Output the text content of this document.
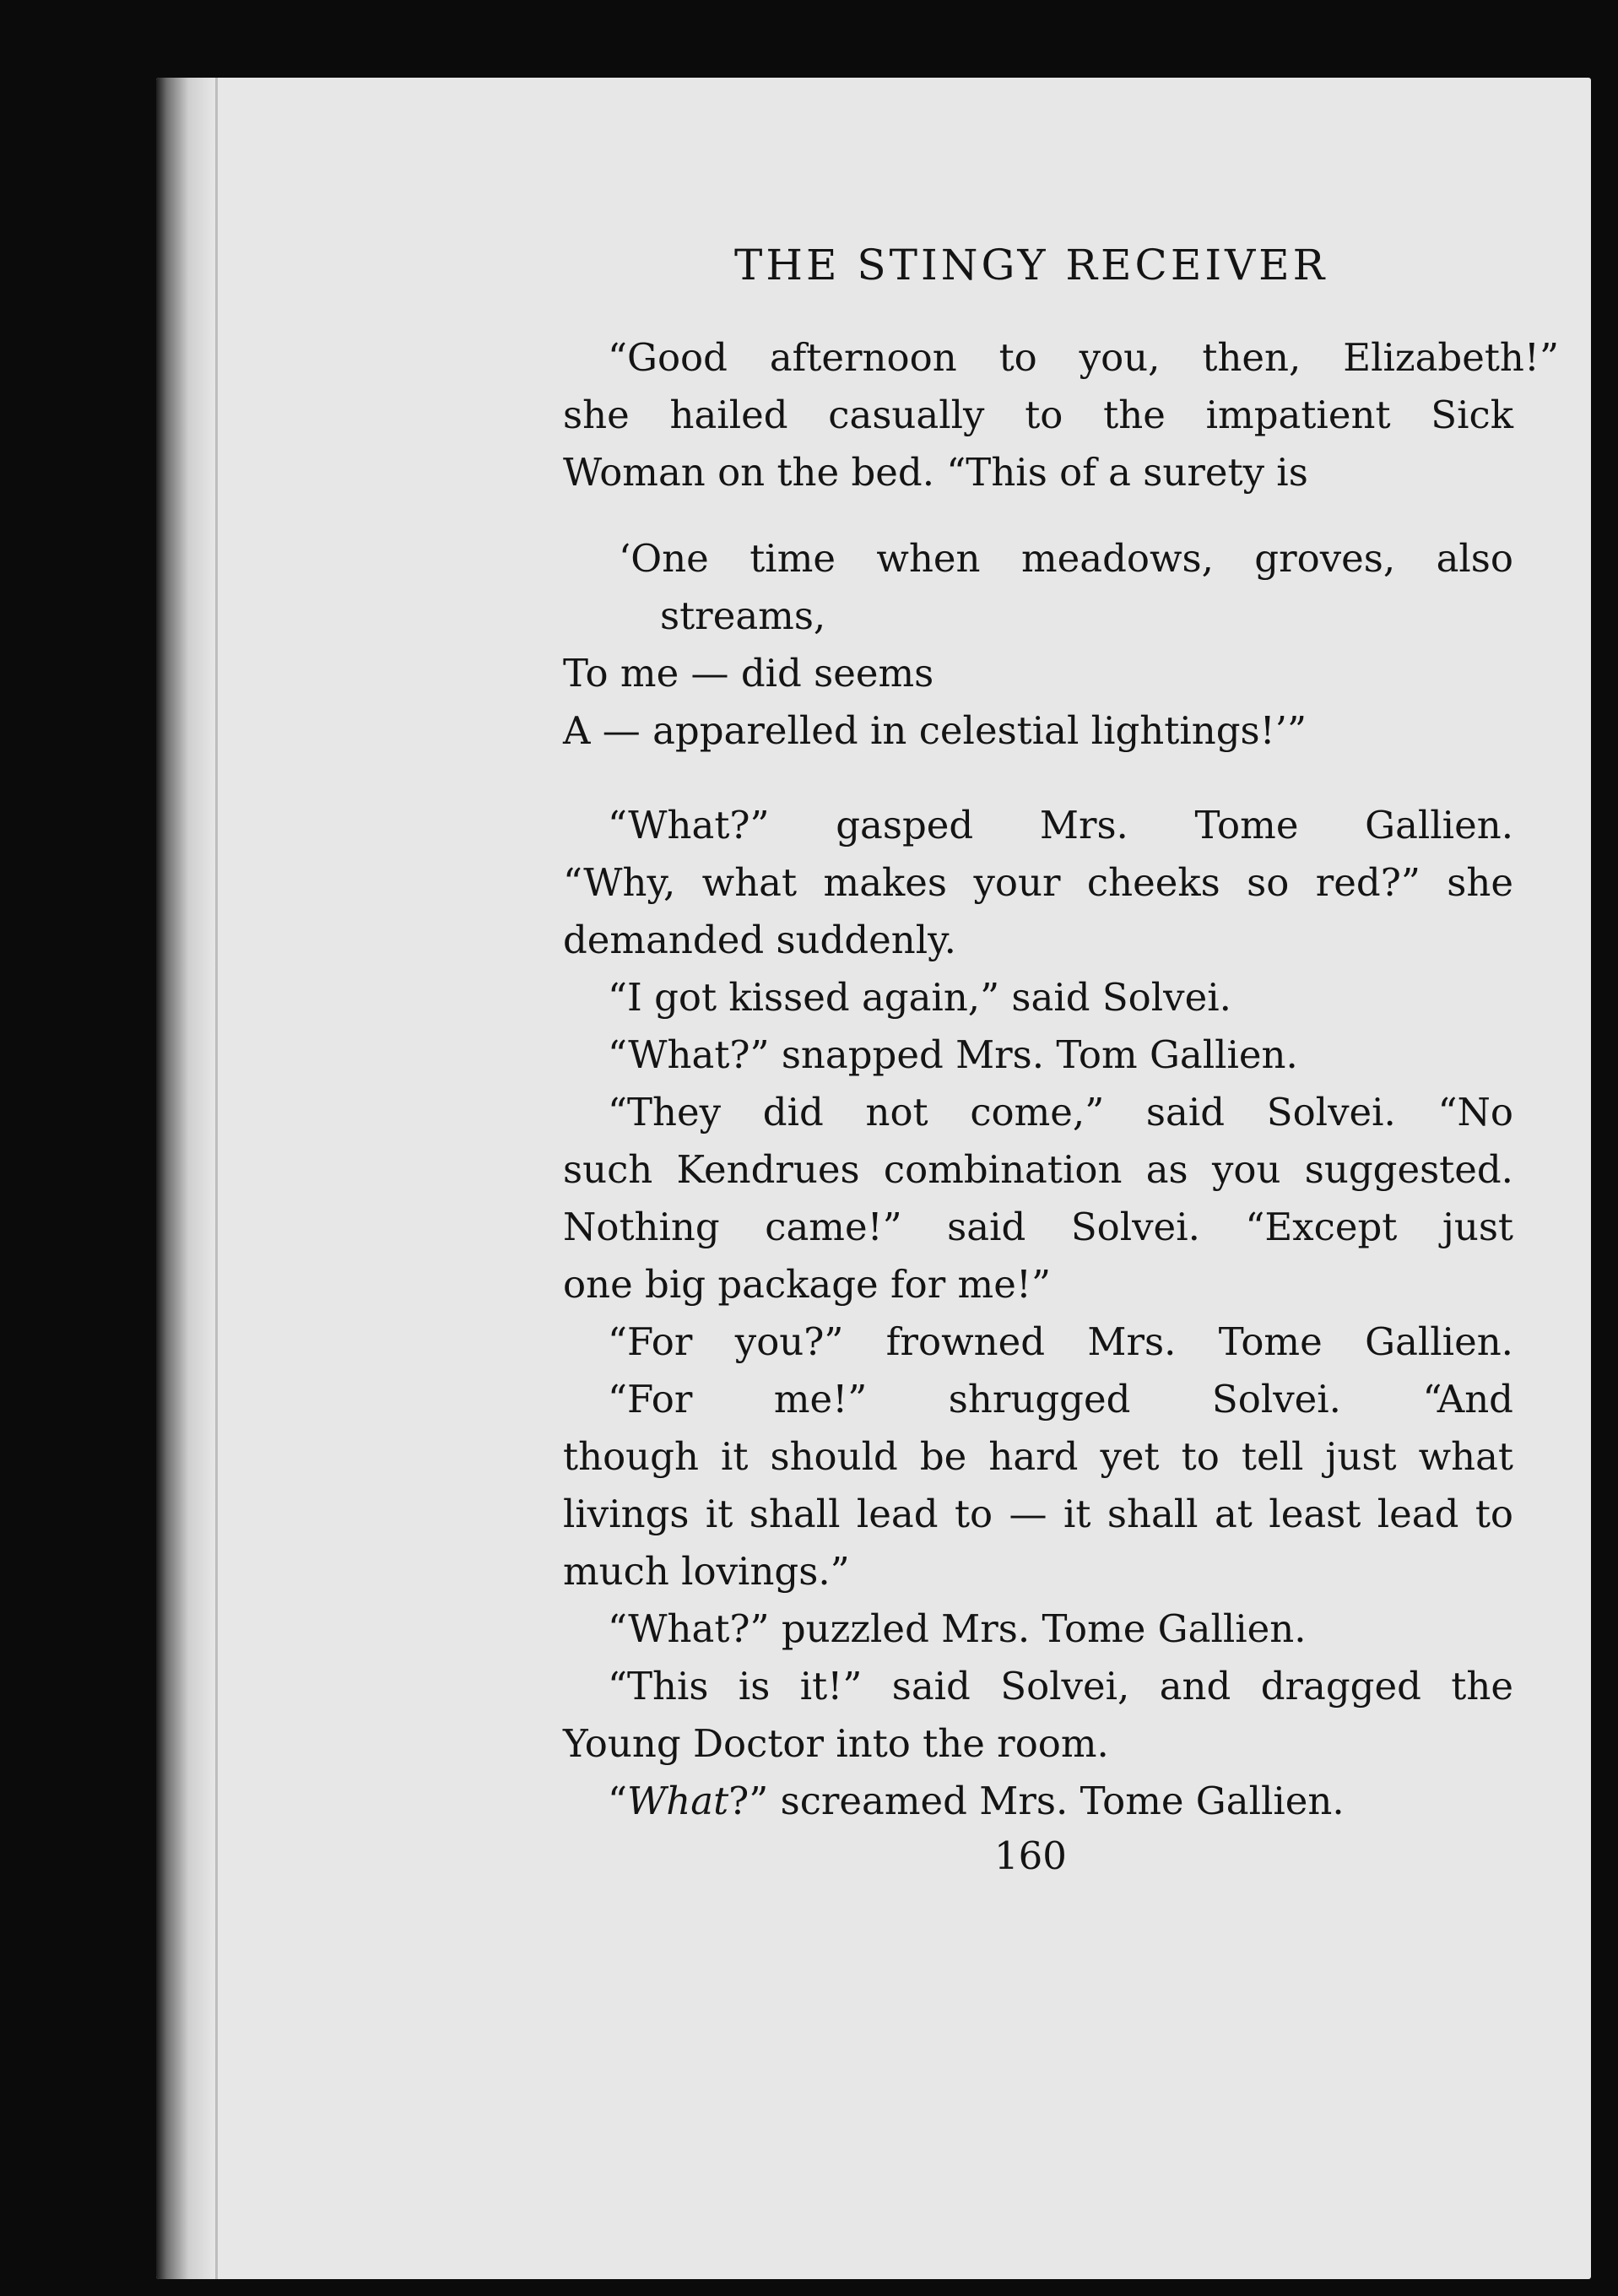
THE STINGY RECEIVER
“Good afternoon to you, then, Elizabeth!”
she hailed casually to the impatient Sick
Woman on the bed. “This of a surety is
‘One time when meadows, groves, also
streams,
To me — did seems
A — apparelled in celestial lightings!’”
“What?” gasped Mrs. Tome Gallien.
“Why, what makes your cheeks so red?” she
demanded suddenly.
“I got kissed again,” said Solvei.
“What?” snapped Mrs. Tom Gallien.
“They did not come,” said Solvei. “No
such Kendrues combination as you suggested.
Nothing came!” said Solvei. “Except just
one big package for me!”
“For you?” frowned Mrs. Tome Gallien.
“For me!” shrugged Solvei. “And
though it should be hard yet to tell just what
livings it shall lead to — it shall at least lead to
much lovings.”
“What?” puzzled Mrs. Tome Gallien.
“This is it!” said Solvei, and dragged the
Young Doctor into the room.
“What?” screamed Mrs. Tome Gallien.
160
